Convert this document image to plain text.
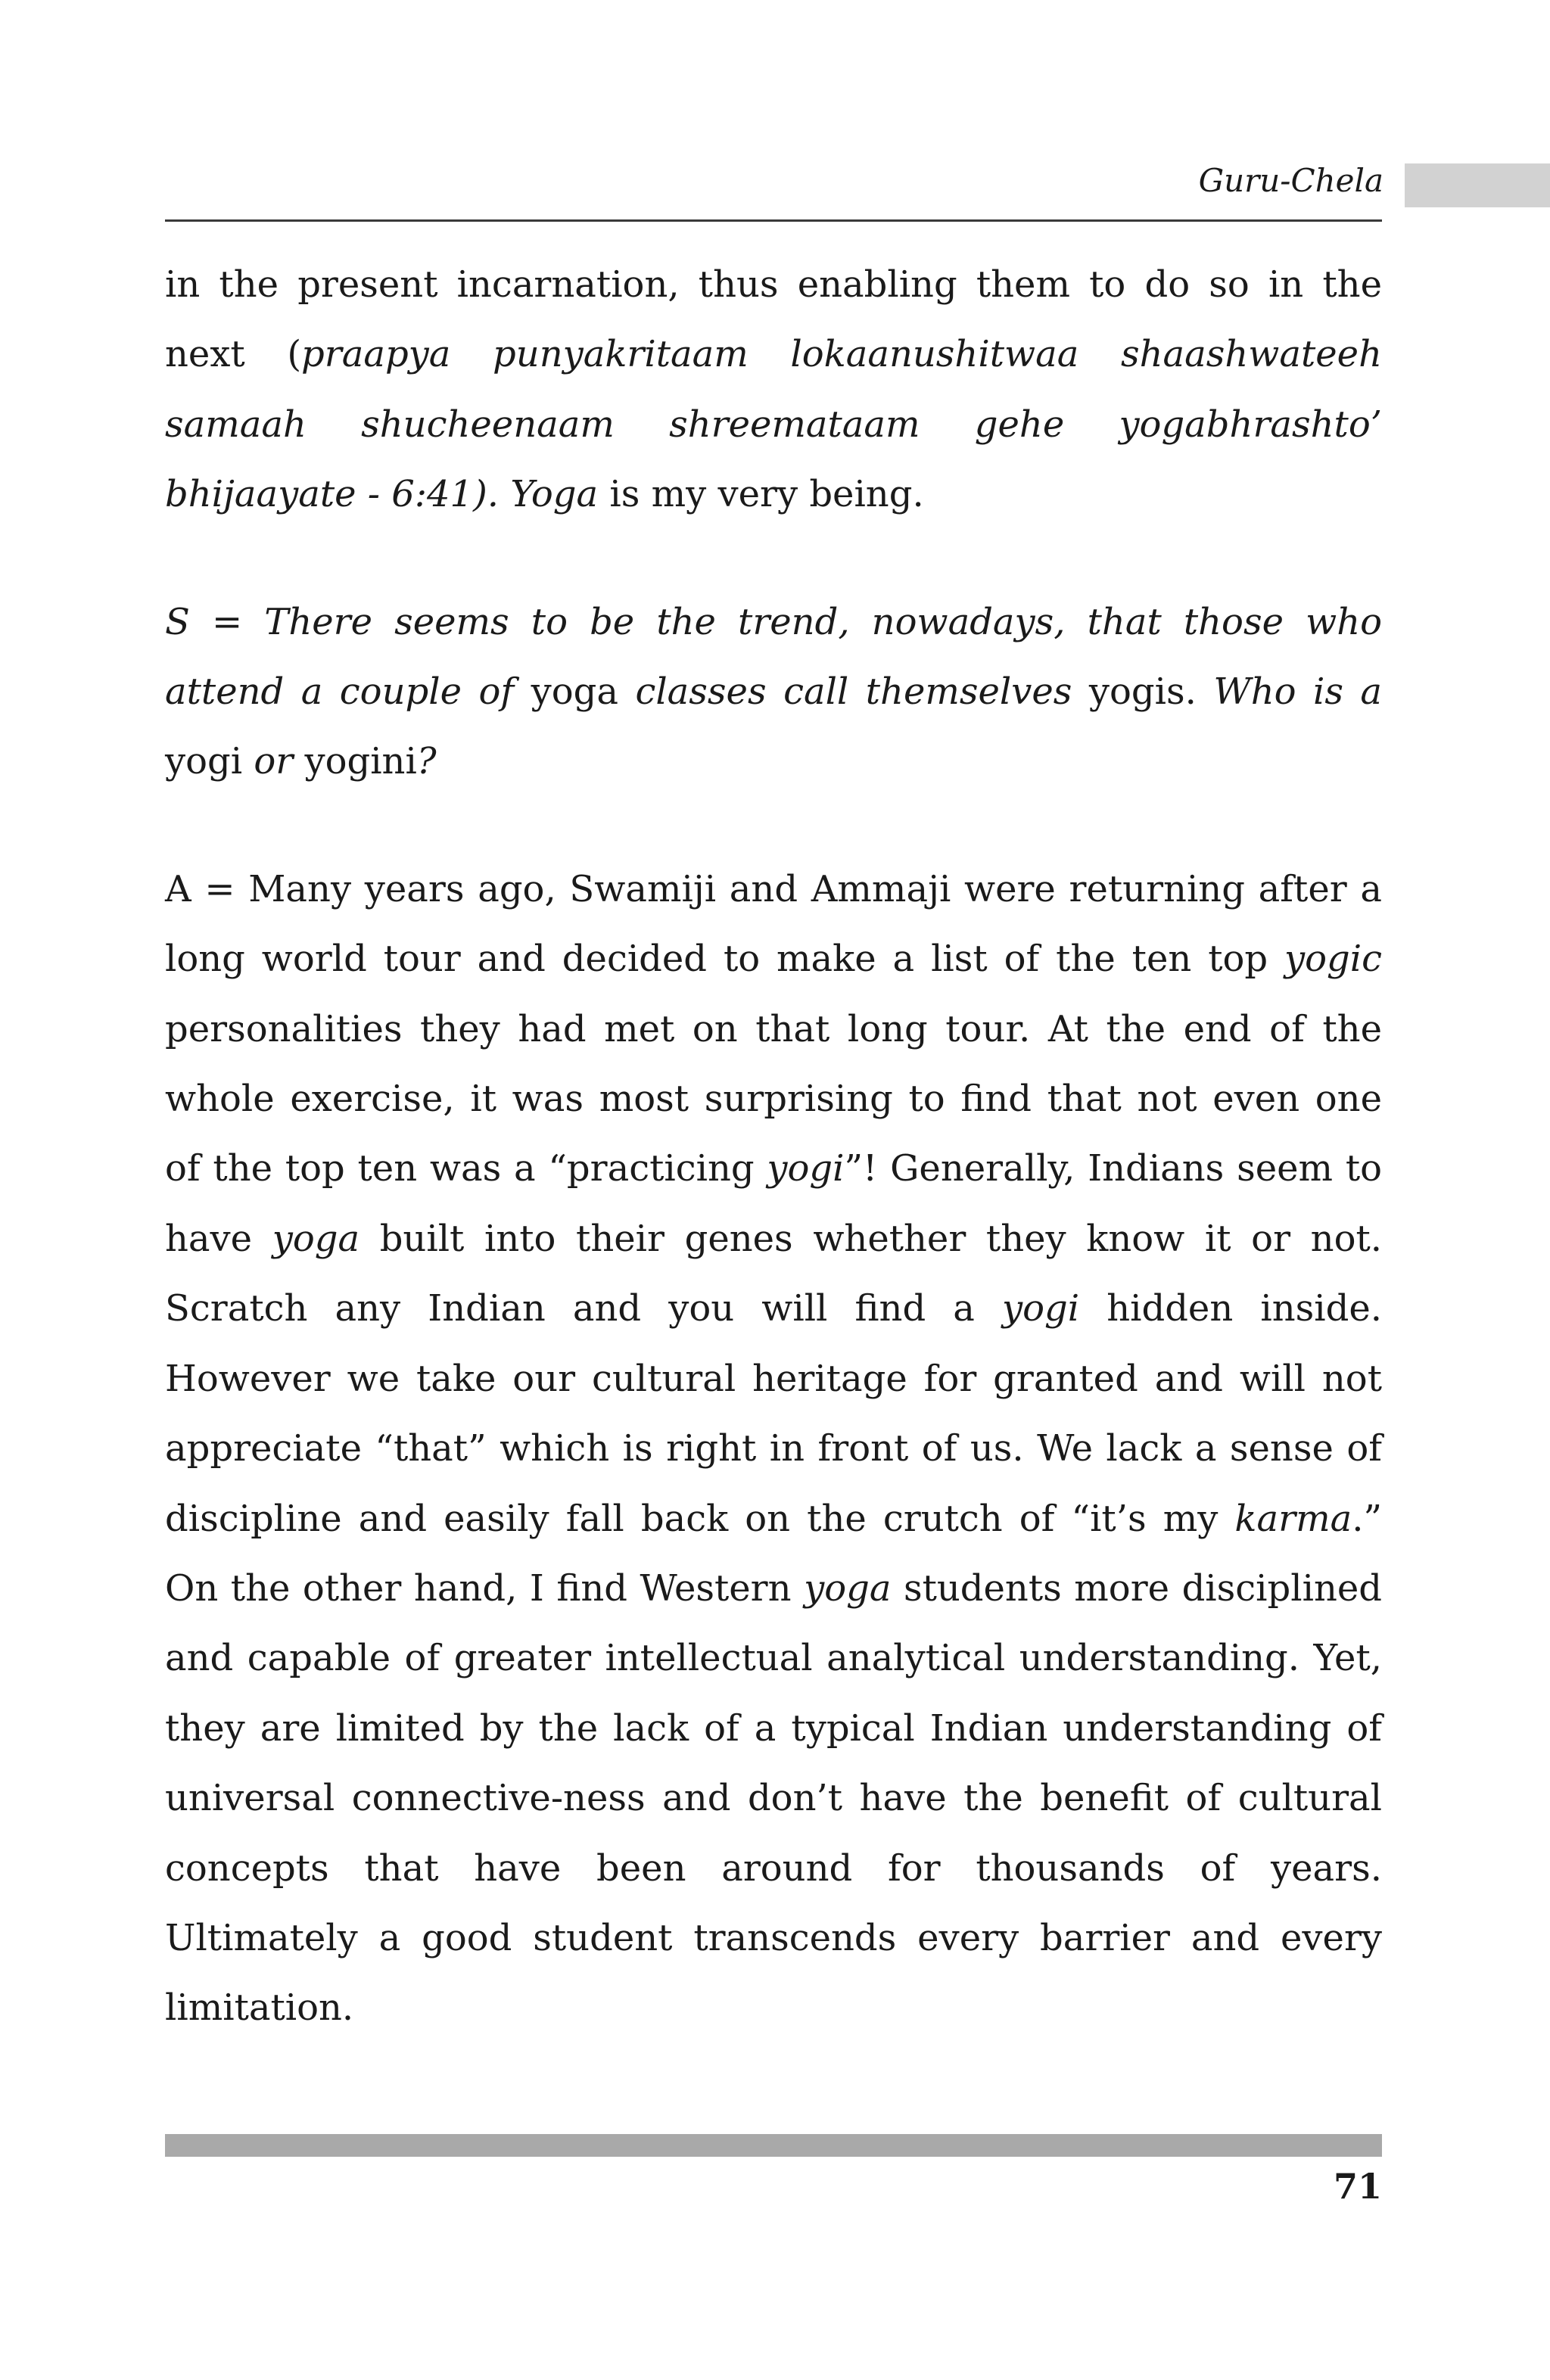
Guru-Chela

in the present incarnation, thus enabling them to do so in the next (praapya punyakritaam lokaanushitwaa shaashwateeh samaah shucheenaam shreemataam gehe yogabhrashto’ bhijaayate - 6:41). Yoga is my very being.

S = There seems to be the trend, nowadays, that those who attend a couple of yoga classes call themselves yogis. Who is a yogi or yogini?

A = Many years ago, Swamiji and Ammaji were returning after a long world tour and decided to make a list of the ten top yogic personalities they had met on that long tour. At the end of the whole exercise, it was most surprising to find that not even one of the top ten was a “practicing yogi”! Generally, Indians seem to have yoga built into their genes whether they know it or not. Scratch any Indian and you will find a yogi hidden inside. However we take our cultural heritage for granted and will not appreciate “that” which is right in front of us. We lack a sense of discipline and easily fall back on the crutch of “it’s my karma.” On the other hand, I find Western yoga students more disciplined and capable of greater intellectual analytical understanding. Yet, they are limited by the lack of a typical Indian understanding of universal connective-ness and don’t have the benefit of cultural concepts that have been around for thousands of years. Ultimately a good student transcends every barrier and every limitation.

71
